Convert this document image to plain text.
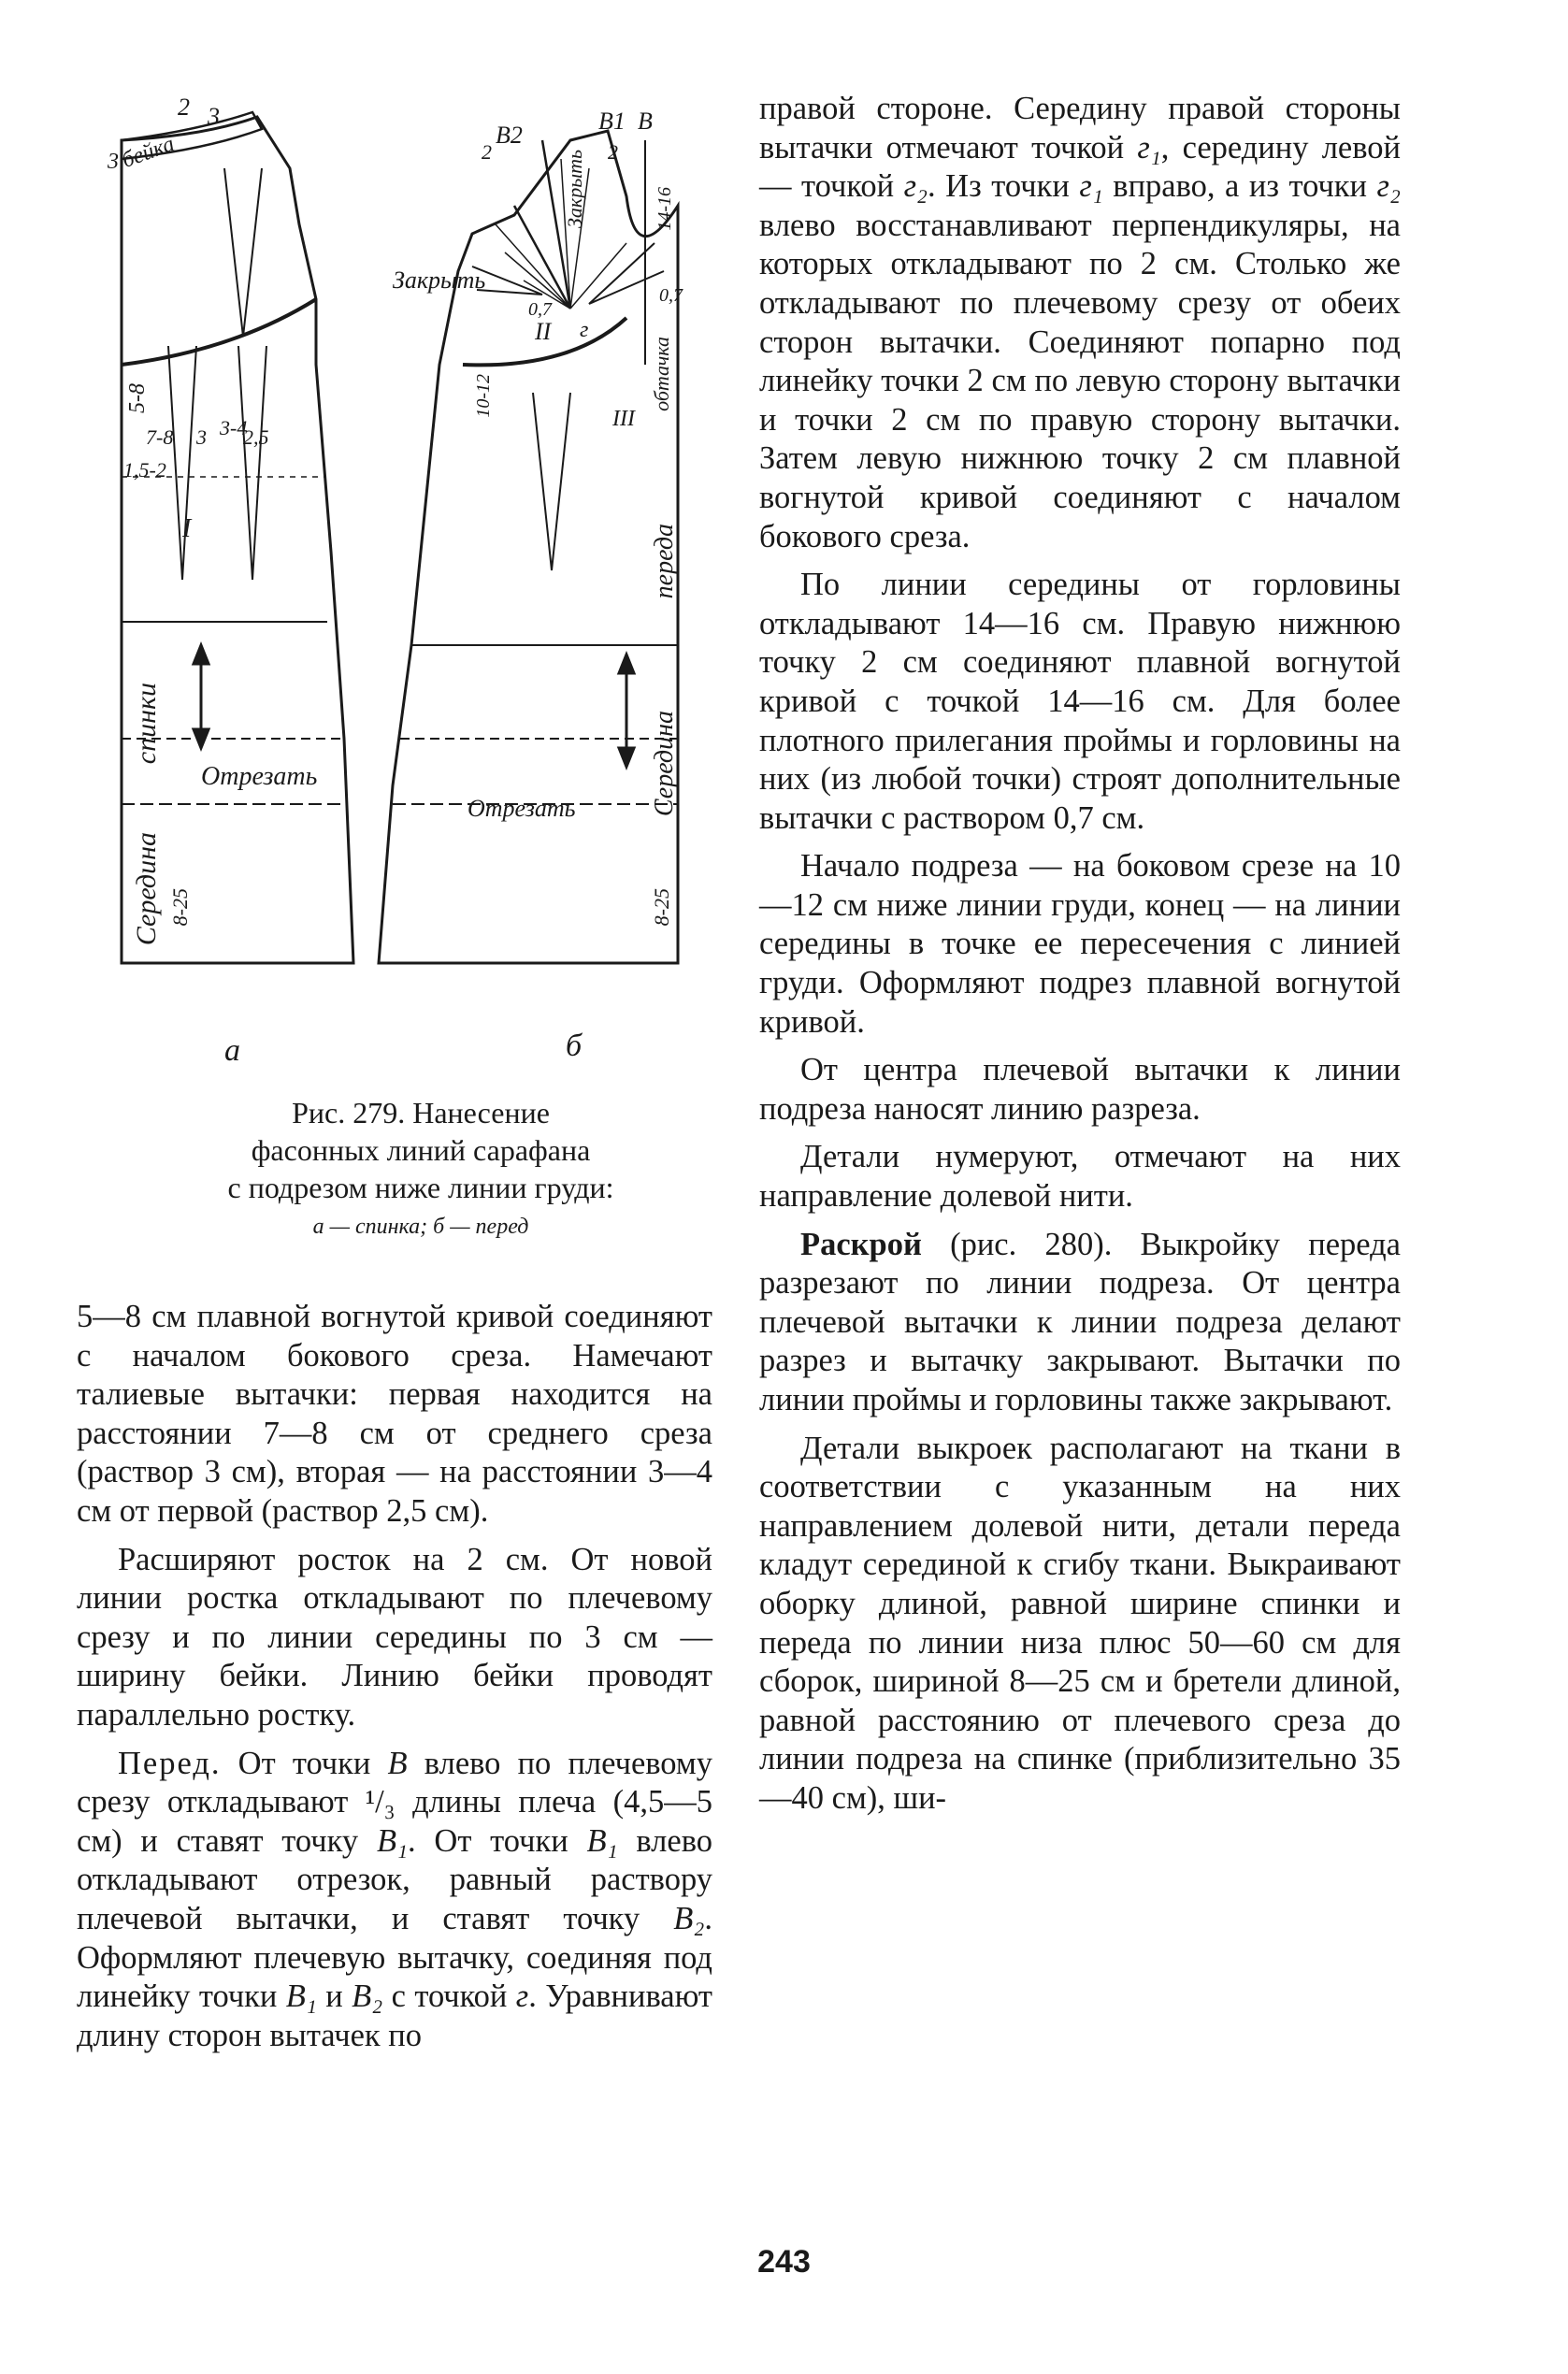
бейка
2 3
3
5-8
7-8 3 3-4
2,5
1,5-2
I
спинки
Середина 8-25
Отрезать
B2
B1 B
2	2
Закрыть
Закрыть	14-16
0,7
0,7
г
10-12
II
III
обтачка
переда
Середина
Отрезать
8-25
а	б
Рис. 279. Нанесение
фасонных линий сарафана
с подрезом ниже линии груди:
а — спинка; б — перед

5—8 см плавной вогнутой кривой соединяют с началом бокового среза. Намечают талиевые вытачки: первая находится на расстоянии 7—8 см от среднего среза (раствор 3 см), вторая — на расстоянии 3—4 см от первой (раствор 2,5 см).

Расширяют росток на 2 см. От новой линии ростка откладывают по плечевому срезу и по линии середины по 3 см — ширину бейки. Линию бейки проводят параллельно ростку.

Перед. От точки В влево по плечевому срезу откладывают ¹/₃ длины плеча (4,5—5 см) и ставят точку В₁. От точки В₁ влево откладывают отрезок, равный раствору плечевой вытачки, и ставят точку В₂. Оформляют плечевую вытачку, соединяя под линейку точки В₁ и В₂ с точкой г. Уравнивают длину сторон вытачек по

правой стороне. Середину правой стороны вытачки отмечают точкой г₁, середину левой — точкой г₂. Из точки г₁ вправо, а из точки г₂ влево восстанавливают перпендикуляры, на которых откладывают по 2 см. Столько же откладывают по плечевому срезу от обеих сторон вытачки. Соединяют попарно под линейку точки 2 см по левую сторону вытачки и точки 2 см по правую сторону вытачки. Затем левую нижнюю точку 2 см плавной вогнутой кривой соединяют с началом бокового среза.

По линии середины от горловины откладывают 14—16 см. Правую нижнюю точку 2 см соединяют плавной вогнутой кривой с точкой 14—16 см. Для более плотного прилегания проймы и горловины на них (из любой точки) строят дополнительные вытачки с раствором 0,7 см.

Начало подреза — на боковом срезе на 10—12 см ниже линии груди, конец — на линии середины в точке ее пересечения с линией груди. Оформляют подрез плавной вогнутой кривой.

От центра плечевой вытачки к линии подреза наносят линию разреза.

Детали нумеруют, отмечают на них направление долевой нити.

Раскрой (рис. 280). Выкройку переда разрезают по линии подреза. От центра плечевой вытачки к линии подреза делают разрез и вытачку закрывают. Вытачки по линии проймы и горловины также закрывают.

Детали выкроек располагают на ткани в соответствии с указанным на них направлением долевой нити, детали переда кладут серединой к сгибу ткани. Выкраивают оборку длиной, равной ширине спинки и переда по линии низа плюс 50—60 см для сборок, шириной 8—25 см и бретели длиной, равной расстоянию от плечевого среза до линии подреза на спинке (приблизительно 35—40 см), ши-

243
